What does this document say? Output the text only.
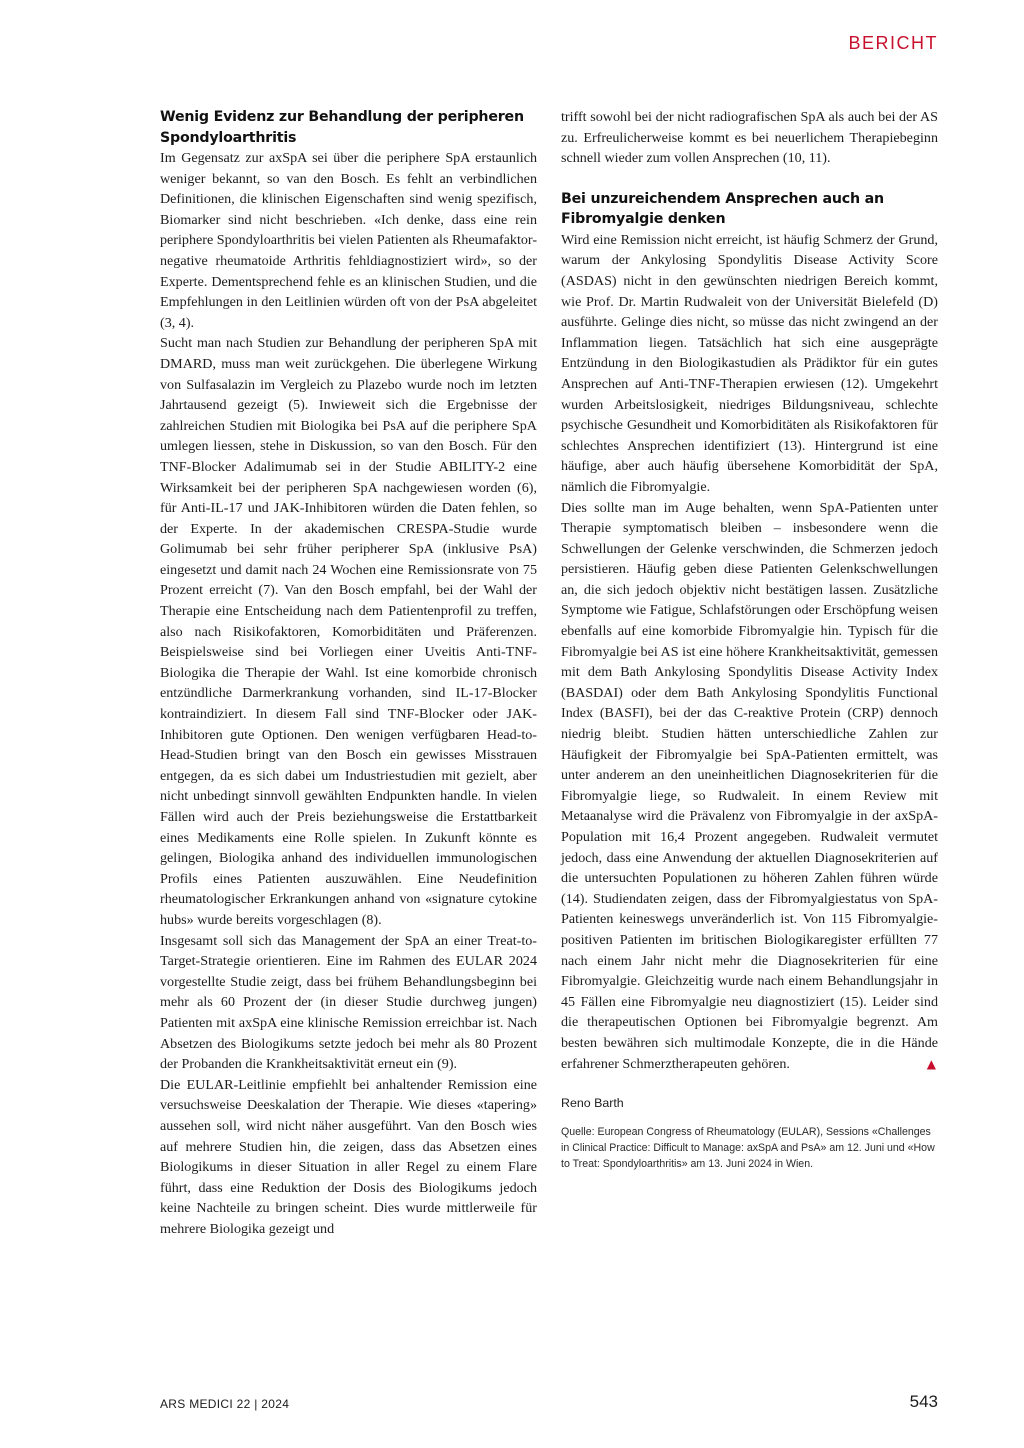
BERICHT
Wenig Evidenz zur Behandlung der peripheren Spondyloarthritis

Im Gegensatz zur axSpA sei über die periphere SpA erstaunlich weniger bekannt, so van den Bosch. Es fehlt an verbindlichen Definitionen, die klinischen Eigenschaften sind wenig spezifisch, Biomarker sind nicht beschrieben. «Ich denke, dass eine rein periphere Spondyloarthritis bei vielen Patienten als Rheumafaktor-negative rheumatoide Arthritis fehldiagnostiziert wird», so der Experte. Dementsprechend fehle es an klinischen Studien, und die Empfehlungen in den Leitlinien würden oft von der PsA abgeleitet (3, 4).

Sucht man nach Studien zur Behandlung der peripheren SpA mit DMARD, muss man weit zurückgehen. Die überlegene Wirkung von Sulfasalazin im Vergleich zu Plazebo wurde noch im letzten Jahrtausend gezeigt (5). Inwieweit sich die Ergebnisse der zahlreichen Studien mit Biologika bei PsA auf die periphere SpA umlegen liessen, stehe in Diskussion, so van den Bosch. Für den TNF-Blocker Adalimumab sei in der Studie ABILITY-2 eine Wirksamkeit bei der peripheren SpA nachgewiesen worden (6), für Anti-IL-17 und JAK-Inhibitoren würden die Daten fehlen, so der Experte. In der akademischen CRESPA-Studie wurde Golimumab bei sehr früher peripherer SpA (inklusive PsA) eingesetzt und damit nach 24 Wochen eine Remissionsrate von 75 Prozent erreicht (7). Van den Bosch empfahl, bei der Wahl der Therapie eine Entscheidung nach dem Patientenprofil zu treffen, also nach Risikofaktoren, Komorbiditäten und Präferenzen. Beispielsweise sind bei Vorliegen einer Uveitis Anti-TNF-Biologika die Therapie der Wahl. Ist eine komorbide chronisch entzündliche Darmerkrankung vorhanden, sind IL-17-Blocker kontraindiziert. In diesem Fall sind TNF-Blocker oder JAK-Inhibitoren gute Optionen. Den wenigen verfügbaren Head-to-Head-Studien bringt van den Bosch ein gewisses Misstrauen entgegen, da es sich dabei um Industriestudien mit gezielt, aber nicht unbedingt sinnvoll gewählten Endpunkten handle. In vielen Fällen wird auch der Preis beziehungsweise die Erstattbarkeit eines Medikaments eine Rolle spielen. In Zukunft könnte es gelingen, Biologika anhand des individuellen immunologischen Profils eines Patienten auszuwählen. Eine Neudefinition rheumatologischer Erkrankungen anhand von «signature cytokine hubs» wurde bereits vorgeschlagen (8).

Insgesamt soll sich das Management der SpA an einer Treat-to-Target-Strategie orientieren. Eine im Rahmen des EULAR 2024 vorgestellte Studie zeigt, dass bei frühem Behandlungsbeginn bei mehr als 60 Prozent der (in dieser Studie durchweg jungen) Patienten mit axSpA eine klinische Remission erreichbar ist. Nach Absetzen des Biologikums setzte jedoch bei mehr als 80 Prozent der Probanden die Krankheitsaktivität erneut ein (9).

Die EULAR-Leitlinie empfiehlt bei anhaltender Remission eine versuchsweise Deeskalation der Therapie. Wie dieses «tapering» aussehen soll, wird nicht näher ausgeführt. Van den Bosch wies auf mehrere Studien hin, die zeigen, dass das Absetzen eines Biologikums in dieser Situation in aller Regel zu einem Flare führt, dass eine Reduktion der Dosis des Biologikums jedoch keine Nachteile zu bringen scheint. Dies wurde mittlerweile für mehrere Biologika gezeigt und

trifft sowohl bei der nicht radiografischen SpA als auch bei der AS zu. Erfreulicherweise kommt es bei neuerlichem Therapiebeginn schnell wieder zum vollen Ansprechen (10, 11).

Bei unzureichendem Ansprechen auch an Fibromyalgie denken

Wird eine Remission nicht erreicht, ist häufig Schmerz der Grund, warum der Ankylosing Spondylitis Disease Activity Score (ASDAS) nicht in den gewünschten niedrigen Bereich kommt, wie Prof. Dr. Martin Rudwaleit von der Universität Bielefeld (D) ausführte. Gelinge dies nicht, so müsse das nicht zwingend an der Inflammation liegen. Tatsächlich hat sich eine ausgeprägte Entzündung in den Biologikastudien als Prädiktor für ein gutes Ansprechen auf Anti-TNF-Therapien erwiesen (12). Umgekehrt wurden Arbeitslosigkeit, niedriges Bildungsniveau, schlechte psychische Gesundheit und Komorbiditäten als Risikofaktoren für schlechtes Ansprechen identifiziert (13). Hintergrund ist eine häufige, aber auch häufig übersehene Komorbidität der SpA, nämlich die Fibromyalgie.

Dies sollte man im Auge behalten, wenn SpA-Patienten unter Therapie symptomatisch bleiben – insbesondere wenn die Schwellungen der Gelenke verschwinden, die Schmerzen jedoch persistieren. Häufig geben diese Patienten Gelenkschwellungen an, die sich jedoch objektiv nicht bestätigen lassen. Zusätzliche Symptome wie Fatigue, Schlafstörungen oder Erschöpfung weisen ebenfalls auf eine komorbide Fibromyalgie hin. Typisch für die Fibromyalgie bei AS ist eine höhere Krankheitsaktivität, gemessen mit dem Bath Ankylosing Spondylitis Disease Activity Index (BASDAI) oder dem Bath Ankylosing Spondylitis Functional Index (BASFI), bei der das C-reaktive Protein (CRP) dennoch niedrig bleibt. Studien hätten unterschiedliche Zahlen zur Häufigkeit der Fibromyalgie bei SpA-Patienten ermittelt, was unter anderem an den uneinheitlichen Diagnosekriterien für die Fibromyalgie liege, so Rudwaleit. In einem Review mit Metaanalyse wird die Prävalenz von Fibromyalgie in der axSpA-Population mit 16,4 Prozent angegeben. Rudwaleit vermutet jedoch, dass eine Anwendung der aktuellen Diagnosekriterien auf die untersuchten Populationen zu höheren Zahlen führen würde (14). Studiendaten zeigen, dass der Fibromyalgiestatus von SpA-Patienten keineswegs unveränderlich ist. Von 115 Fibromyalgie-positiven Patienten im britischen Biologikaregister erfüllten 77 nach einem Jahr nicht mehr die Diagnosekriterien für eine Fibromyalgie. Gleichzeitig wurde nach einem Behandlungsjahr in 45 Fällen eine Fibromyalgie neu diagnostiziert (15). Leider sind die therapeutischen Optionen bei Fibromyalgie begrenzt. Am besten bewähren sich multimodale Konzepte, die in die Hände erfahrener Schmerztherapeuten gehören.	▲

Reno Barth
Quelle: European Congress of Rheumatology (EULAR), Sessions «Challenges in Clinical Practice: Difficult to Manage: axSpA and PsA» am 12. Juni und «How to Treat: Spondyloarthritis» am 13. Juni 2024 in Wien.
ARS MEDICI 22 | 2024	543
